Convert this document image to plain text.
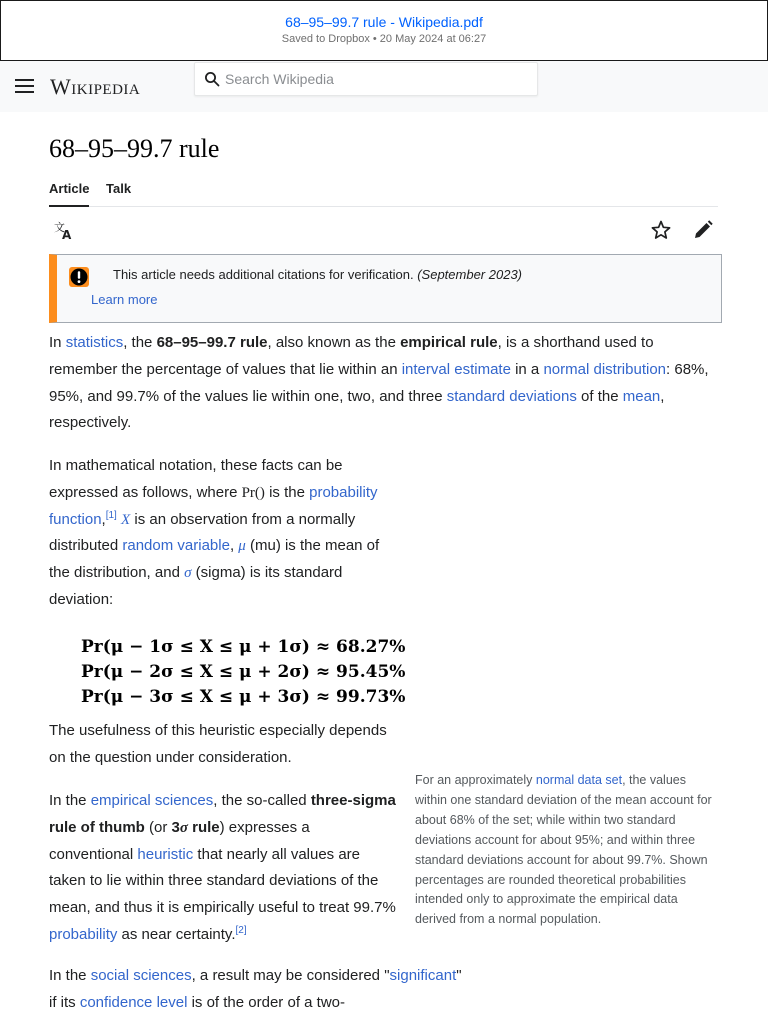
68–95–99.7 rule - Wikipedia.pdf
Saved to Dropbox • 20 May 2024 at 06:27
Wikipedia
Search Wikipedia
68–95–99.7 rule
Article Talk
文
A
This article needs additional citations for verification. (September 2023)
Learn more

In statistics, the 68–95–99.7 rule, also known as the empirical rule, is a shorthand used to remember the percentage of values that lie within an interval estimate in a normal distribution: 68%, 95%, and 99.7% of the values lie within one, two, and three standard deviations of the mean, respectively.

In mathematical notation, these facts can be expressed as follows, where Pr() is the probability function,[1] X is an observation from a normally distributed random variable, μ (mu) is the mean of the distribution, and σ (sigma) is its standard deviation:

Pr(μ − 1σ ≤ X ≤ μ + 1σ) ≈ 68.27%
Pr(μ − 2σ ≤ X ≤ μ + 2σ) ≈ 95.45%
Pr(μ − 3σ ≤ X ≤ μ + 3σ) ≈ 99.73%

The usefulness of this heuristic especially depends on the question under consideration.

In the empirical sciences, the so-called three-sigma rule of thumb (or 3σ rule) expresses a conventional heuristic that nearly all values are taken to lie within three standard deviations of the mean, and thus it is empirically useful to treat 99.7% probability as near certainty.[2]

For an approximately normal data set, the values within one standard deviation of the mean account for about 68% of the set; while within two standard deviations account for about 95%; and within three standard deviations account for about 99.7%. Shown percentages are rounded theoretical probabilities intended only to approximate the empirical data derived from a normal population.

In the social sciences, a result may be considered "significant" if its confidence level is of the order of a two-
